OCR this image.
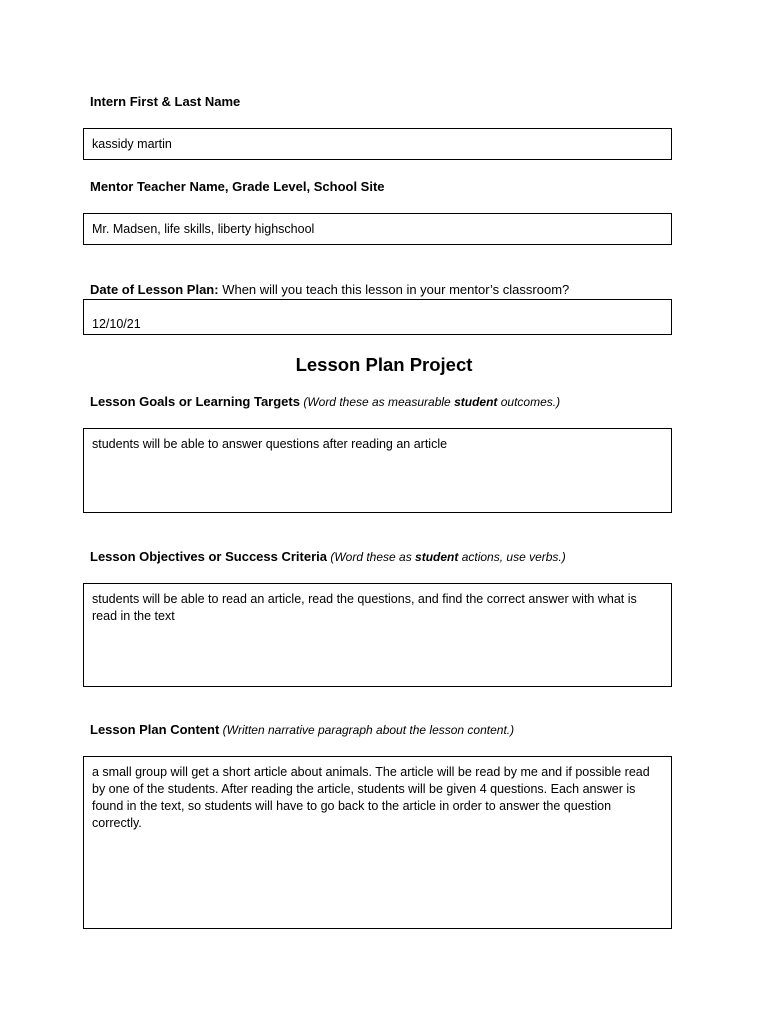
Intern First & Last Name
kassidy martin
Mentor Teacher Name, Grade Level, School Site
Mr. Madsen, life skills, liberty highschool
Date of Lesson Plan: When will you teach this lesson in your mentor’s classroom?
12/10/21
Lesson Plan Project
Lesson Goals or Learning Targets (Word these as measurable student outcomes.)
students will be able to answer questions after reading an article
Lesson Objectives or Success Criteria (Word these as student actions, use verbs.)
students will be able to read an article, read the questions, and find the correct answer with what is read in the text
Lesson Plan Content (Written narrative paragraph about the lesson content.)
a small group will get a short article about animals. The article will be read by me and if possible read by one of the students. After reading the article, students will be given 4 questions. Each answer is found in the text, so students will have to go back to the article in order to answer the question correctly.
